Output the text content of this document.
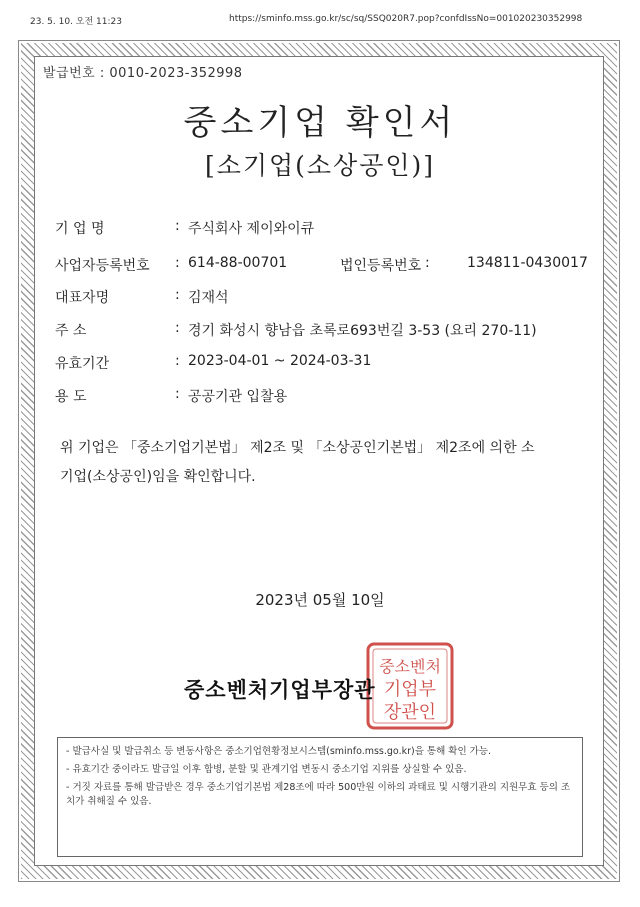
23. 5. 10. 오전 11:23	https://sminfo.mss.go.kr/sc/sq/SSQ020R7.pop?confdIssNo=001020230352998
발급번호 : 0010-2023-352998
중소기업 확인서
[소기업(소상공인)]
기 업 명	: 주식회사 제이와이큐
사업자등록번호	: 614-88-00701	법인등록번호 :	134811-0430017
대표자명	: 김재석
주 소	: 경기 화성시 향남읍 초록로693번길 3-53 (요리 270-11)
유효기간	: 2023-04-01 ~ 2024-03-31
용 도	: 공공기관 입찰용
위 기업은 「중소기업기본법」 제2조 및 「소상공인기본법」 제2조에 의한 소
기업(소상공인)임을 확인합니다.
2023년 05월 10일
중소벤처
기업부
장관인
중소벤처기업부장관
- 발급사실 및 발급취소 등 변동사항은 중소기업현황정보시스템(sminfo.mss.go.kr)을 통해 확인 가능.
- 유효기간 중이라도 발급일 이후 합병, 분할 및 관계기업 변동시 중소기업 지위를 상실할 수 있음.
- 거짓 자료를 통해 발급받은 경우 중소기업기본법 제28조에 따라 500만원 이하의 과태료 및 시행기관의 지원무효 등의 조치가 취해질 수 있음.
